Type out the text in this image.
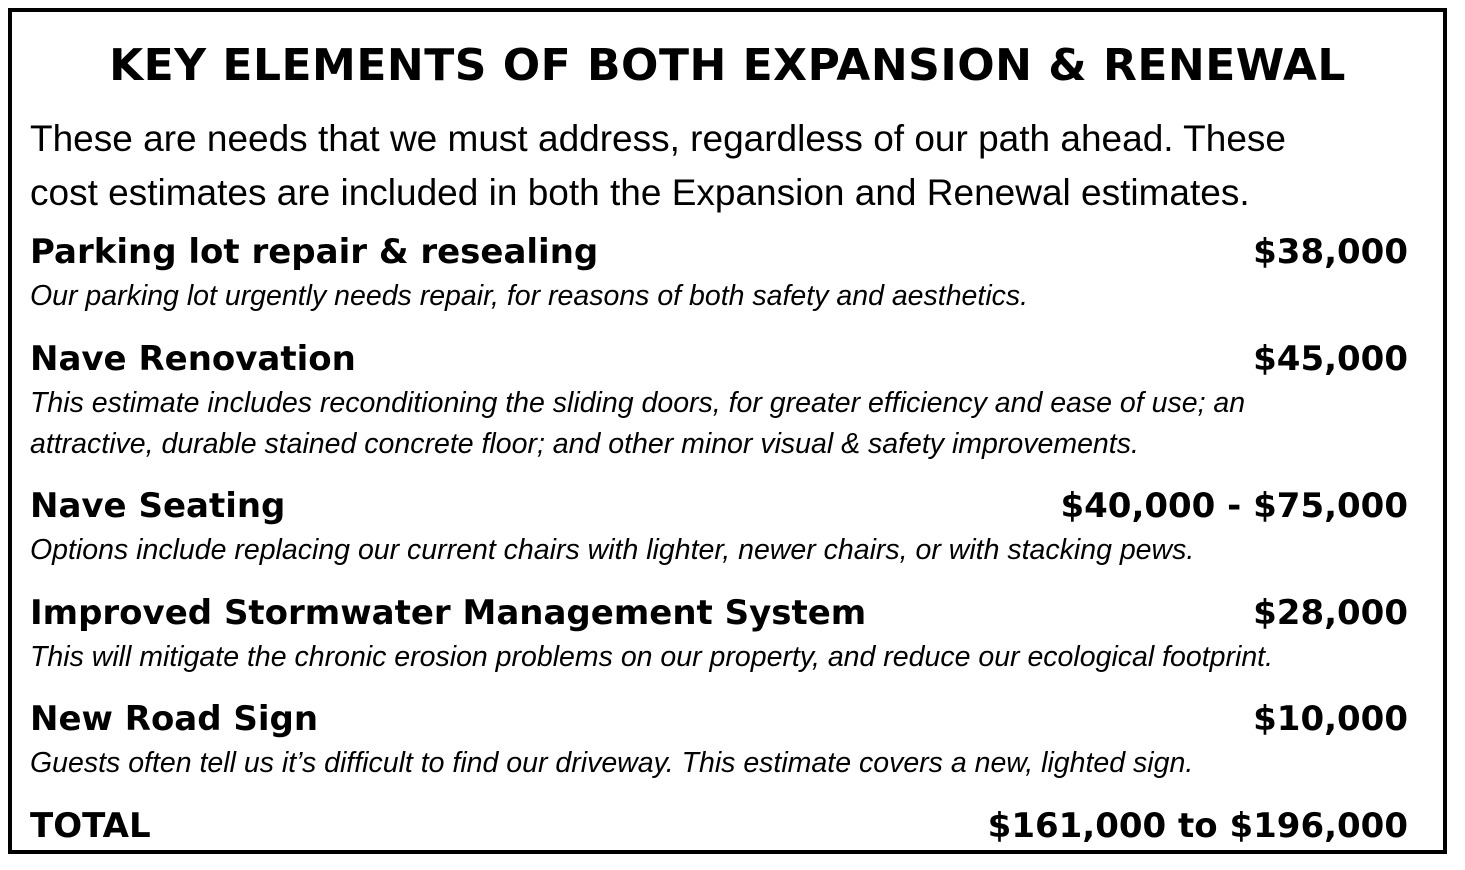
KEY ELEMENTS OF BOTH EXPANSION & RENEWAL
These are needs that we must address, regardless of our path ahead. These
cost estimates are included in both the Expansion and Renewal estimates.
Parking lot repair & resealing	$38,000
Our parking lot urgently needs repair, for reasons of both safety and aesthetics.
Nave Renovation	$45,000
This estimate includes reconditioning the sliding doors, for greater efficiency and ease of use; an
attractive, durable stained concrete floor; and other minor visual & safety improvements.
Nave Seating	$40,000 - $75,000
Options include replacing our current chairs with lighter, newer chairs, or with stacking pews.
Improved Stormwater Management System	$28,000
This will mitigate the chronic erosion problems on our property, and reduce our ecological footprint.
New Road Sign	$10,000
Guests often tell us it’s difficult to find our driveway. This estimate covers a new, lighted sign.
TOTAL	$161,000 to $196,000
